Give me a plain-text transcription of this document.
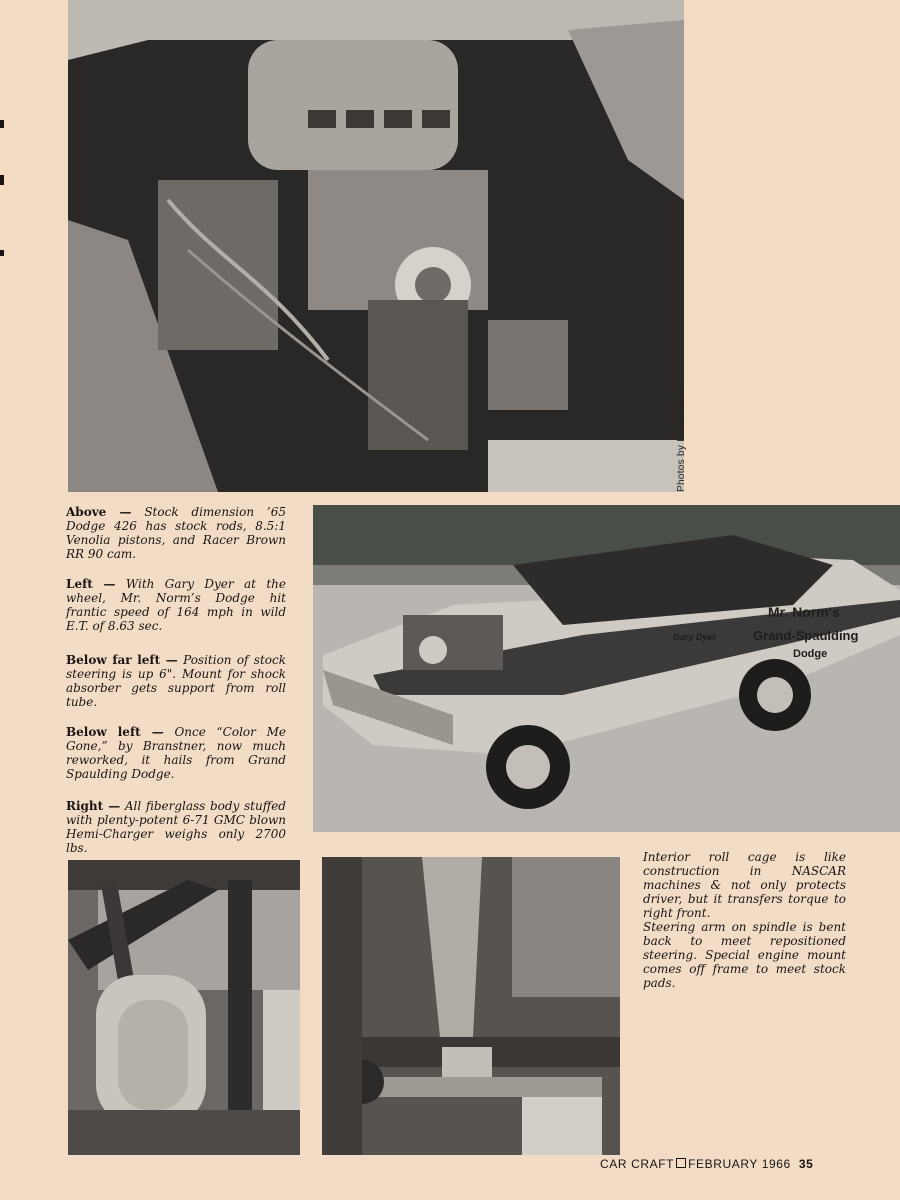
Photos by Pat Brollier
Mr. Norm's
Grand-Spaulding
Dodge
Gary Dyer
Above — Stock dimension ’65 Dodge 426 has stock rods, 8.5:1 Venolia pistons, and Racer Brown RR 90 cam.
Left — With Gary Dyer at the wheel, Mr. Norm’s Dodge hit frantic speed of 164 mph in wild E.T. of 8.63 sec.
Below far left — Position of stock steering is up 6". Mount for shock absorber gets support from roll tube.
Below left — Once “Color Me Gone,” by Branstner, now much reworked, it hails from Grand Spaulding Dodge.
Right — All fiberglass body stuffed with plenty-potent 6-71 GMC blown Hemi-Charger weighs only 2700 lbs.
Interior roll cage is like construction in NASCAR machines & not only protects driver, but it transfers torque to right front.
Steering arm on spindle is bent back to meet repositioned steering. Special engine mount comes off frame to meet stock pads.
CAR CRAFT FEBRUARY 1966 35
